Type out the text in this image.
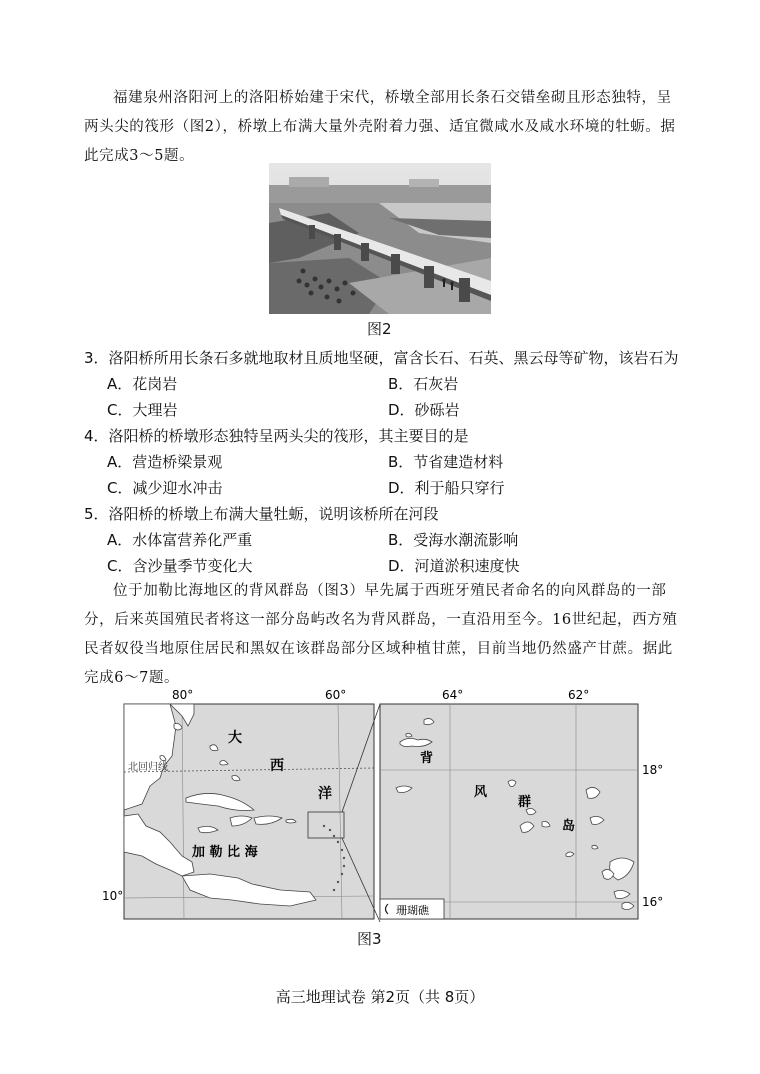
福建泉州洛阳河上的洛阳桥始建于宋代，桥墩全部用长条石交错垒砌且形态独特，呈两头尖的筏形（图2），桥墩上布满大量外壳附着力强、适宜微咸水及咸水环境的牡蛎。据此完成3～5题。

图2
3．洛阳桥所用长条石多就地取材且质地坚硬，富含长石、石英、黑云母等矿物，该岩石为
A．花岗岩	B．石灰岩
C．大理岩	D．砂砾岩
4．洛阳桥的桥墩形态独特呈两头尖的筏形，其主要目的是
A．营造桥梁景观	B．节省建造材料
C．减少迎水冲击	D．利于船只穿行
5．洛阳桥的桥墩上布满大量牡蛎，说明该桥所在河段
A．水体富营养化严重	B．受海水潮流影响
C．含沙量季节变化大	D．河道淤积速度快

位于加勒比海地区的背风群岛（图3）早先属于西班牙殖民者命名的向风群岛的一部分，后来英国殖民者将这一部分岛屿改名为背风群岛，一直沿用至今。16世纪起，西方殖民者奴役当地原住居民和黑奴在该群岛部分区域种植甘蔗，目前当地仍然盛产甘蔗。据此完成6～7题。

80°	60°
北回归线
大
西
洋
加 勒 比 海
10°
64°	62°
背
风
群
岛
18°
16°
珊瑚礁
图3
高三地理试卷 第2页（共 8页）
